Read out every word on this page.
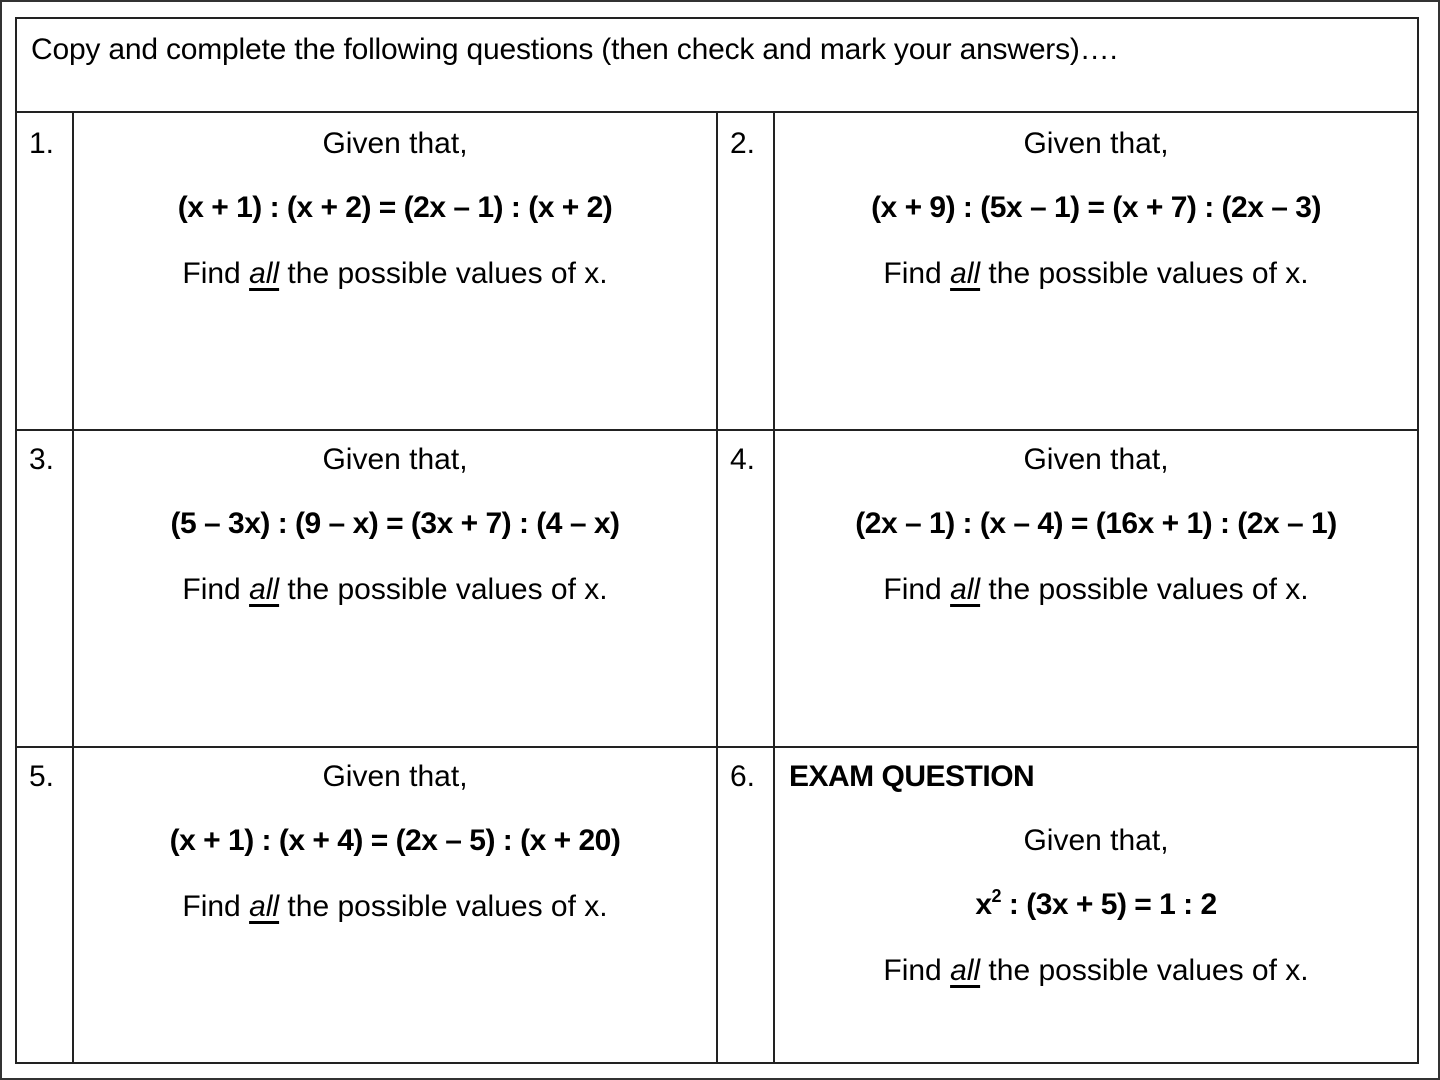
Copy and complete the following questions (then check and mark your answers)….
1.	Given that,
(x + 1) : (x + 2) = (2x – 1) : (x + 2)
Find all the possible values of x.
2.	Given that,
(x + 9) : (5x – 1) = (x + 7) : (2x – 3)
Find all the possible values of x.
3.	Given that,
(5 – 3x) : (9 – x) = (3x + 7) : (4 – x)
Find all the possible values of x.
4.	Given that,
(2x – 1) : (x – 4) = (16x + 1) : (2x – 1)
Find all the possible values of x.
5.	Given that,
(x + 1) : (x + 4) = (2x – 5) : (x + 20)
Find all the possible values of x.
6. EXAM QUESTION
Given that,
$x^2$ : (3x + 5) = 1 : 2
Find all the possible values of x.
